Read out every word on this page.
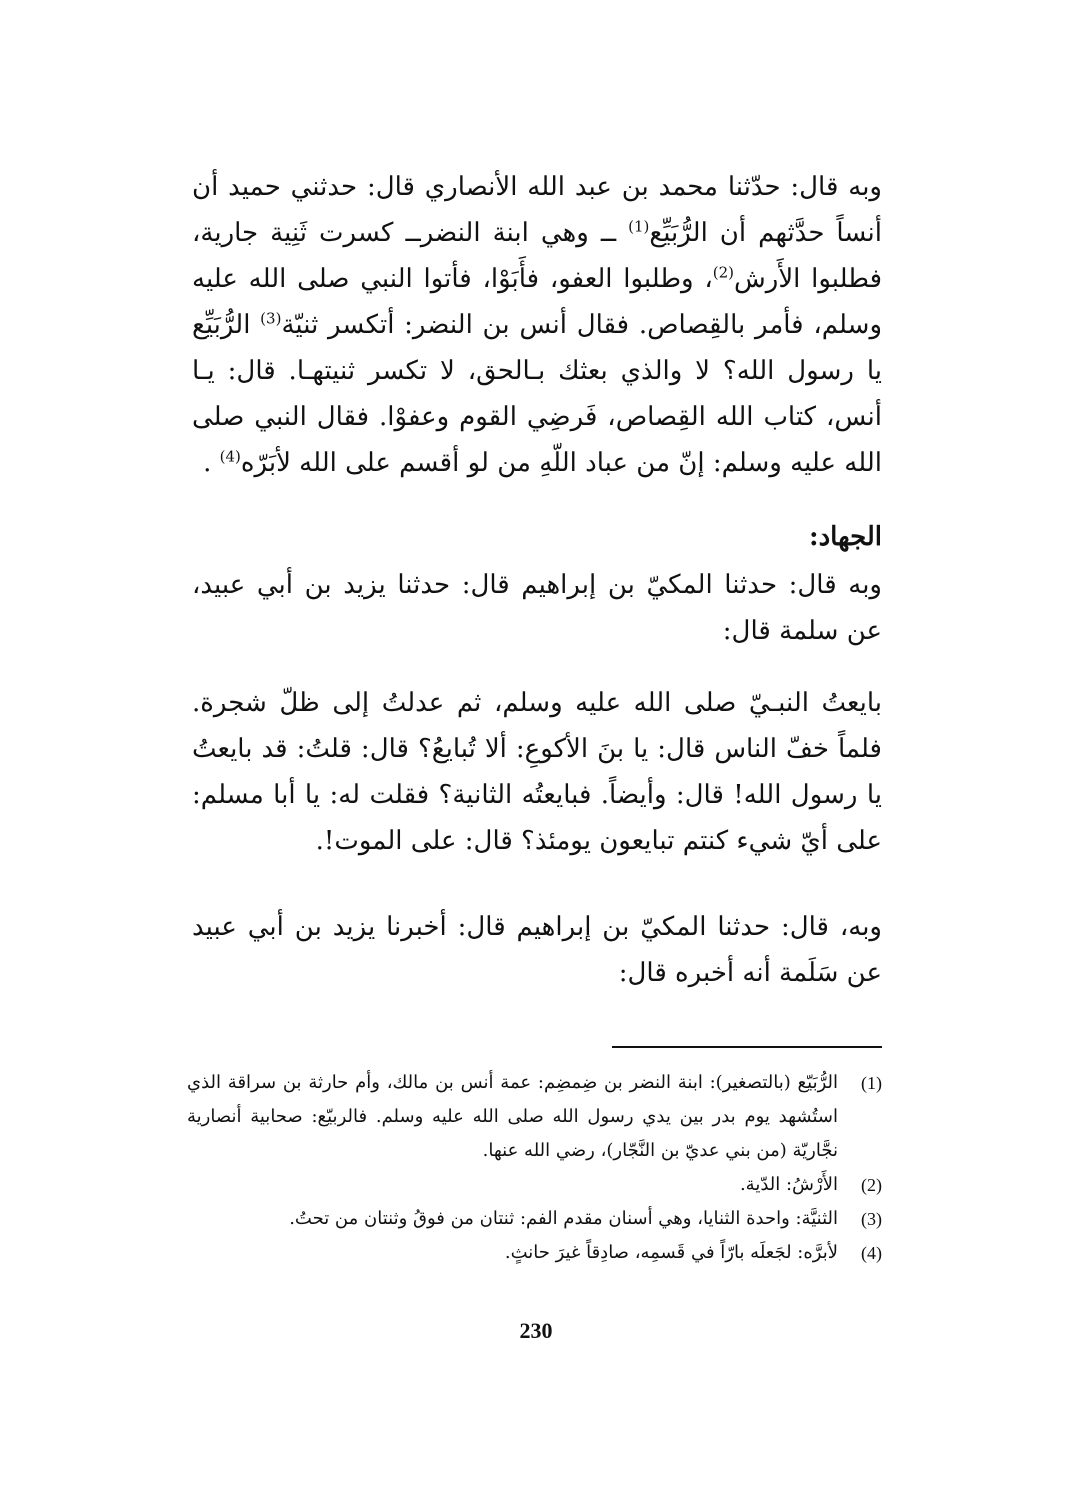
وبه قال: حدّثنا محمد بن عبد الله الأنصاري قال: حدثني حميد أن أنساً حدَّثهم أن الرُّبَيِّع$^{(1)}$ ــ وهي ابنة النضرــ كسرت ثَنِية جارية، فطلبوا الأَرش$^{(2)}$، وطلبوا العفو، فأَبَوْا، فأتوا النبي صلى الله عليه وسلم، فأمر بالقِصاص. فقال أنس بن النضر: أتكسر ثنيّة$^{(3)}$ الرُّبَيِّع يا رسول الله؟ لا والذي بعثك بـالحق، لا تكسر ثنيتهـا. قال: يـا أنس، كتاب الله القِصاص، فَرضِي القوم وعفوْا. فقال النبي صلى الله عليه وسلم: إنّ من عباد اللّهِ من لو أقسم على الله لأبَرّه$^{(4)}$ .

الجهاد:

وبه قال: حدثنا المكيّ بن إبراهيم قال: حدثنا يزيد بن أبي عبيد، عن سلمة قال:

بايعتُ النبـيّ صلى الله عليه وسلم، ثم عدلتُ إلى ظلّ شجرة. فلماً خفّ الناس قال: يا بنَ الأكوعِ: ألا تُبايعُ؟ قال: قلتُ: قد بايعتُ يا رسول الله! قال: وأيضاً. فبايعتُه الثانية؟ فقلت له: يا أبا مسلم: على أيّ شيء كنتم تبايعون يومئذ؟ قال: على الموت!.

وبه، قال: حدثنا المكيّ بن إبراهيم قال: أخبرنا يزيد بن أبي عبيد عن سَلَمة أنه أخبره قال:

(1)
الرُّبَيّع (بالتصغير): ابنة النضر بن ضِمضِم: عمة أنس بن مالك، وأم حارثة بن سراقة الذي استُشهد يوم بدر بين يدي رسول الله صلى الله عليه وسلم. فالربيّع: صحابية أنصارية نجَّاريّة (من بني عديّ بن النَّجّار)، رضي الله عنها.
(2)
الأَرْشُ: الدّية.
(3)
الثنيَّة: واحدة الثنايا، وهي أسنان مقدم الفم: ثنتان من فوقُ وثنتان من تحتُ.
(4)
لأبرَّه: لجَعلَه بارّاً في قَسمِه، صادِقاً غيرَ حانثٍ.
230
